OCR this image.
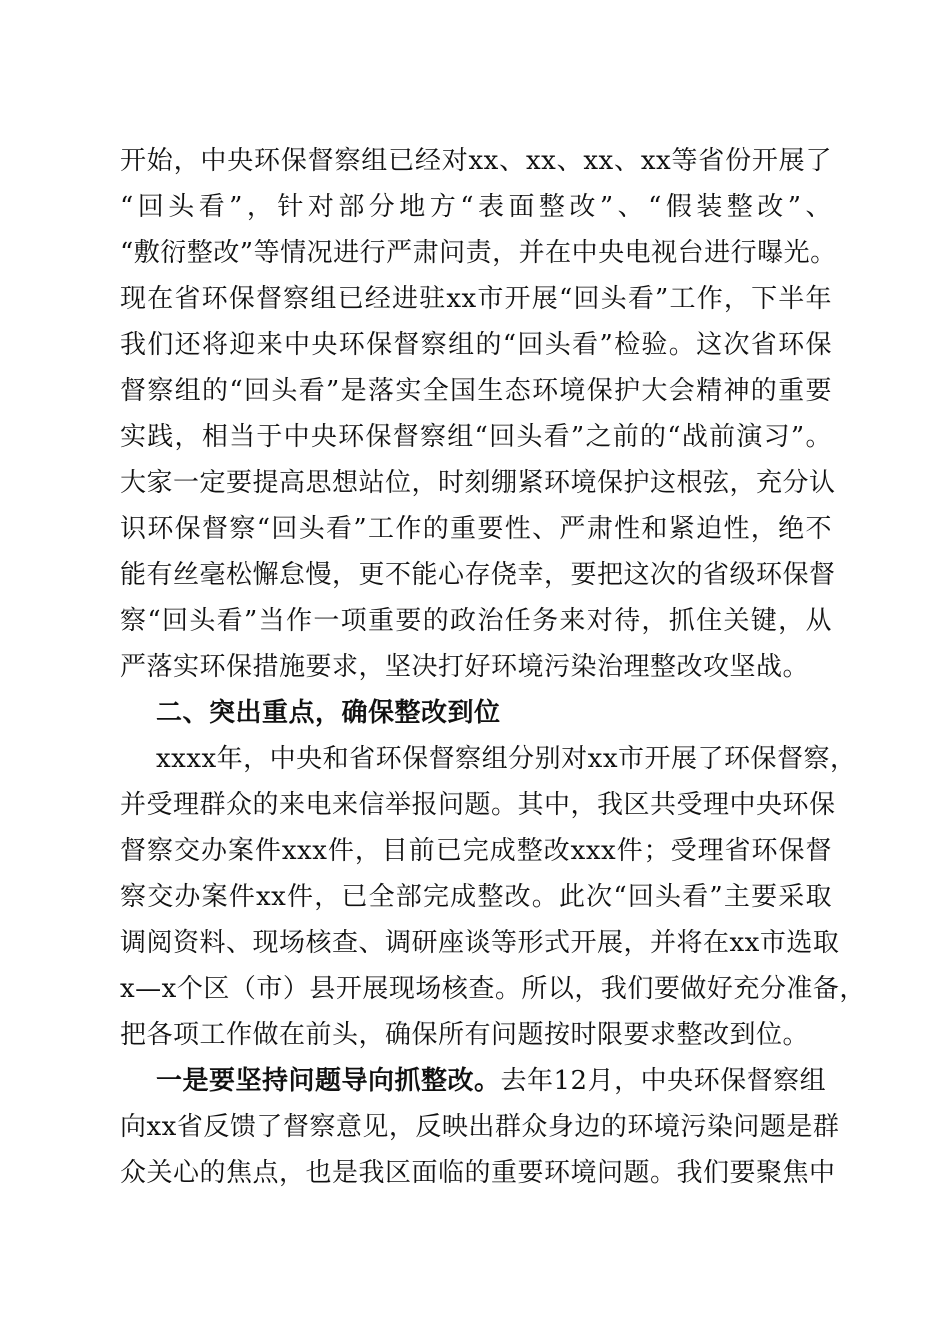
开始，中央环保督察组已经对xx、xx、xx、xx等省份开展了
“回头看”，针对部分地方“表面整改”、“假装整改”、
“敷衍整改”等情况进行严肃问责，并在中央电视台进行曝光。
现在省环保督察组已经进驻xx市开展“回头看”工作，下半年
我们还将迎来中央环保督察组的“回头看”检验。这次省环保
督察组的“回头看”是落实全国生态环境保护大会精神的重要
实践，相当于中央环保督察组“回头看”之前的“战前演习”。
大家一定要提高思想站位，时刻绷紧环境保护这根弦，充分认
识环保督察“回头看”工作的重要性、严肃性和紧迫性，绝不
能有丝毫松懈怠慢，更不能心存侥幸，要把这次的省级环保督
察“回头看”当作一项重要的政治任务来对待，抓住关键，从
严落实环保措施要求，坚决打好环境污染治理整改攻坚战。
二、突出重点，确保整改到位
xxxx年，中央和省环保督察组分别对xx市开展了环保督察，
并受理群众的来电来信举报问题。其中，我区共受理中央环保
督察交办案件xxx件，目前已完成整改xxx件；受理省环保督
察交办案件xx件，已全部完成整改。此次“回头看”主要采取
调阅资料、现场核查、调研座谈等形式开展，并将在xx市选取
x—x个区（市）县开展现场核查。所以，我们要做好充分准备，
把各项工作做在前头，确保所有问题按时限要求整改到位。
一是要坚持问题导向抓整改。去年12月，中央环保督察组
向xx省反馈了督察意见，反映出群众身边的环境污染问题是群
众关心的焦点，也是我区面临的重要环境问题。我们要聚焦中
